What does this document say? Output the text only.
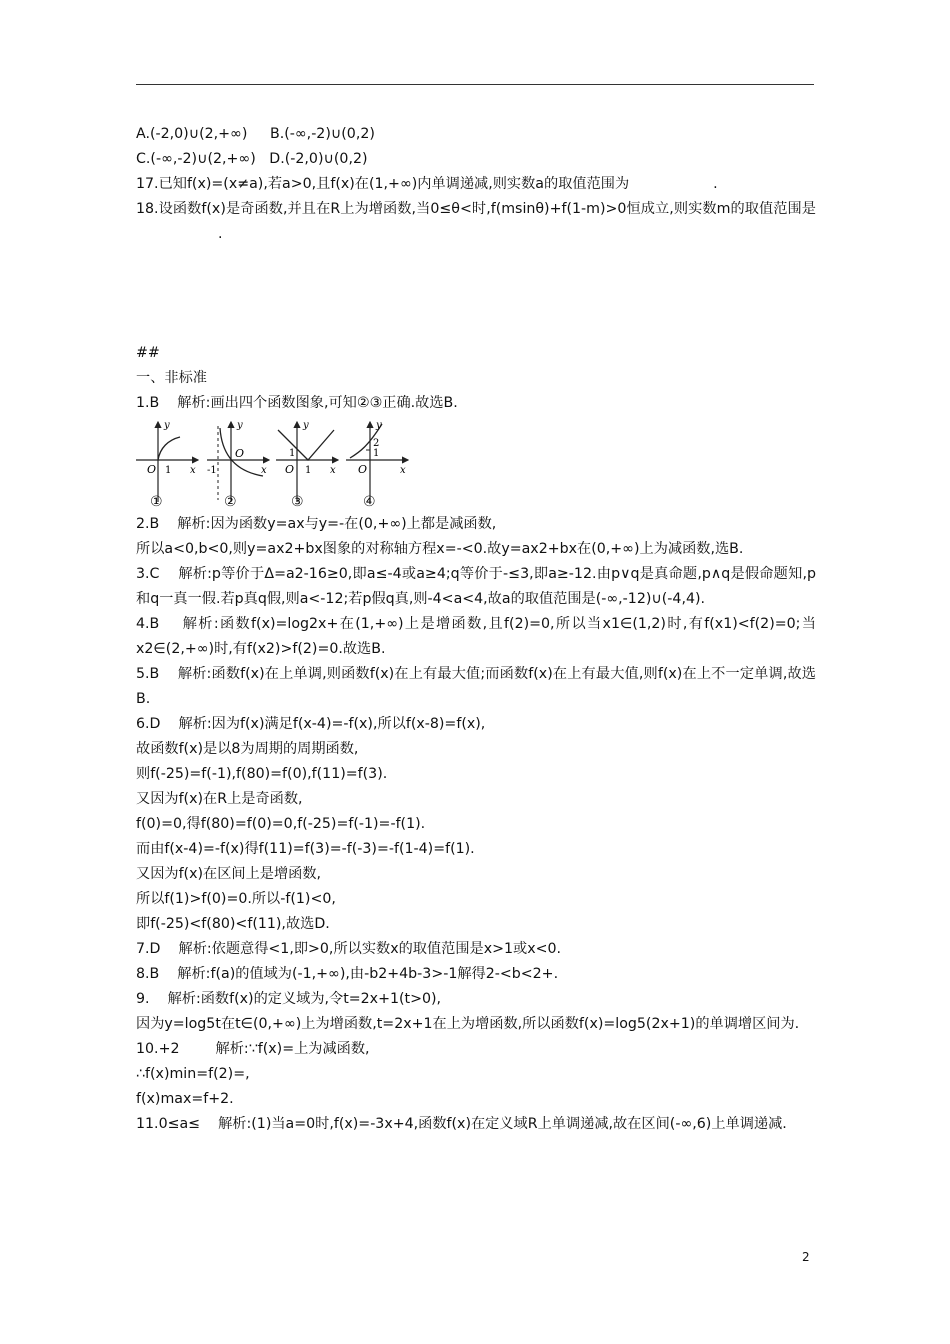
A.(-2,0)∪(2,+∞)     B.(-∞,-2)∪(0,2)
C.(-∞,-2)∪(2,+∞)   D.(-2,0)∪(0,2)
17.已知f(x)=(x≠a),若a>0,且f(x)在(1,+∞)内单调递减,则实数a的取值范围为	.
18.设函数f(x)是奇函数,并且在R上为增函数,当0≤θ<时,f(msinθ)+f(1-m)>0恒成立,则实数m的取值范围是.
##
一、非标准
1.B    解析:画出四个函数图象,可知②③正确.故选B.
y
x
O 1
y
x
O
-1
y
x
O
1
1
y
x
O
2
1
①	②	③	④
2.B    解析:因为函数y=ax与y=-在(0,+∞)上都是减函数,
所以a<0,b<0,则y=ax2+bx图象的对称轴方程x=-<0.故y=ax2+bx在(0,+∞)上为减函数,选B.
3.C    解析:p等价于Δ=a2-16≥0,即a≤-4或a≥4;q等价于-≤3,即a≥-12.由p∨q是真命题,p∧q是假命题知,p和q一真一假.若p真q假,则a<-12;若p假q真,则-4<a<4,故a的取值范围是(-∞,-12)∪(-4,4).
4.B    解析:函数f(x)=log2x+在(1,+∞)上是增函数,且f(2)=0,所以当x1∈(1,2)时,有f(x1)<f(2)=0;当x2∈(2,+∞)时,有f(x2)>f(2)=0.故选B.
5.B    解析:函数f(x)在上单调,则函数f(x)在上有最大值;而函数f(x)在上有最大值,则f(x)在上不一定单调,故选B.
6.D    解析:因为f(x)满足f(x-4)=-f(x),所以f(x-8)=f(x),
故函数f(x)是以8为周期的周期函数,
则f(-25)=f(-1),f(80)=f(0),f(11)=f(3).
又因为f(x)在R上是奇函数,
f(0)=0,得f(80)=f(0)=0,f(-25)=f(-1)=-f(1).
而由f(x-4)=-f(x)得f(11)=f(3)=-f(-3)=-f(1-4)=f(1).
又因为f(x)在区间上是增函数,
所以f(1)>f(0)=0.所以-f(1)<0,
即f(-25)<f(80)<f(11),故选D.
7.D    解析:依题意得<1,即>0,所以实数x的取值范围是x>1或x<0.
8.B    解析:f(a)的值域为(-1,+∞),由-b2+4b-3>-1解得2-<b<2+.
9.    解析:函数f(x)的定义域为,令t=2x+1(t>0),
因为y=log5t在t∈(0,+∞)上为增函数,t=2x+1在上为增函数,所以函数f(x)=log5(2x+1)的单调增区间为.
10.+2        解析:∵f(x)=上为减函数,
∴f(x)min=f(2)=,
f(x)max=f+2.
11.0≤a≤    解析:(1)当a=0时,f(x)=-3x+4,函数f(x)在定义域R上单调递减,故在区间(-∞,6)上单调递减.
2
